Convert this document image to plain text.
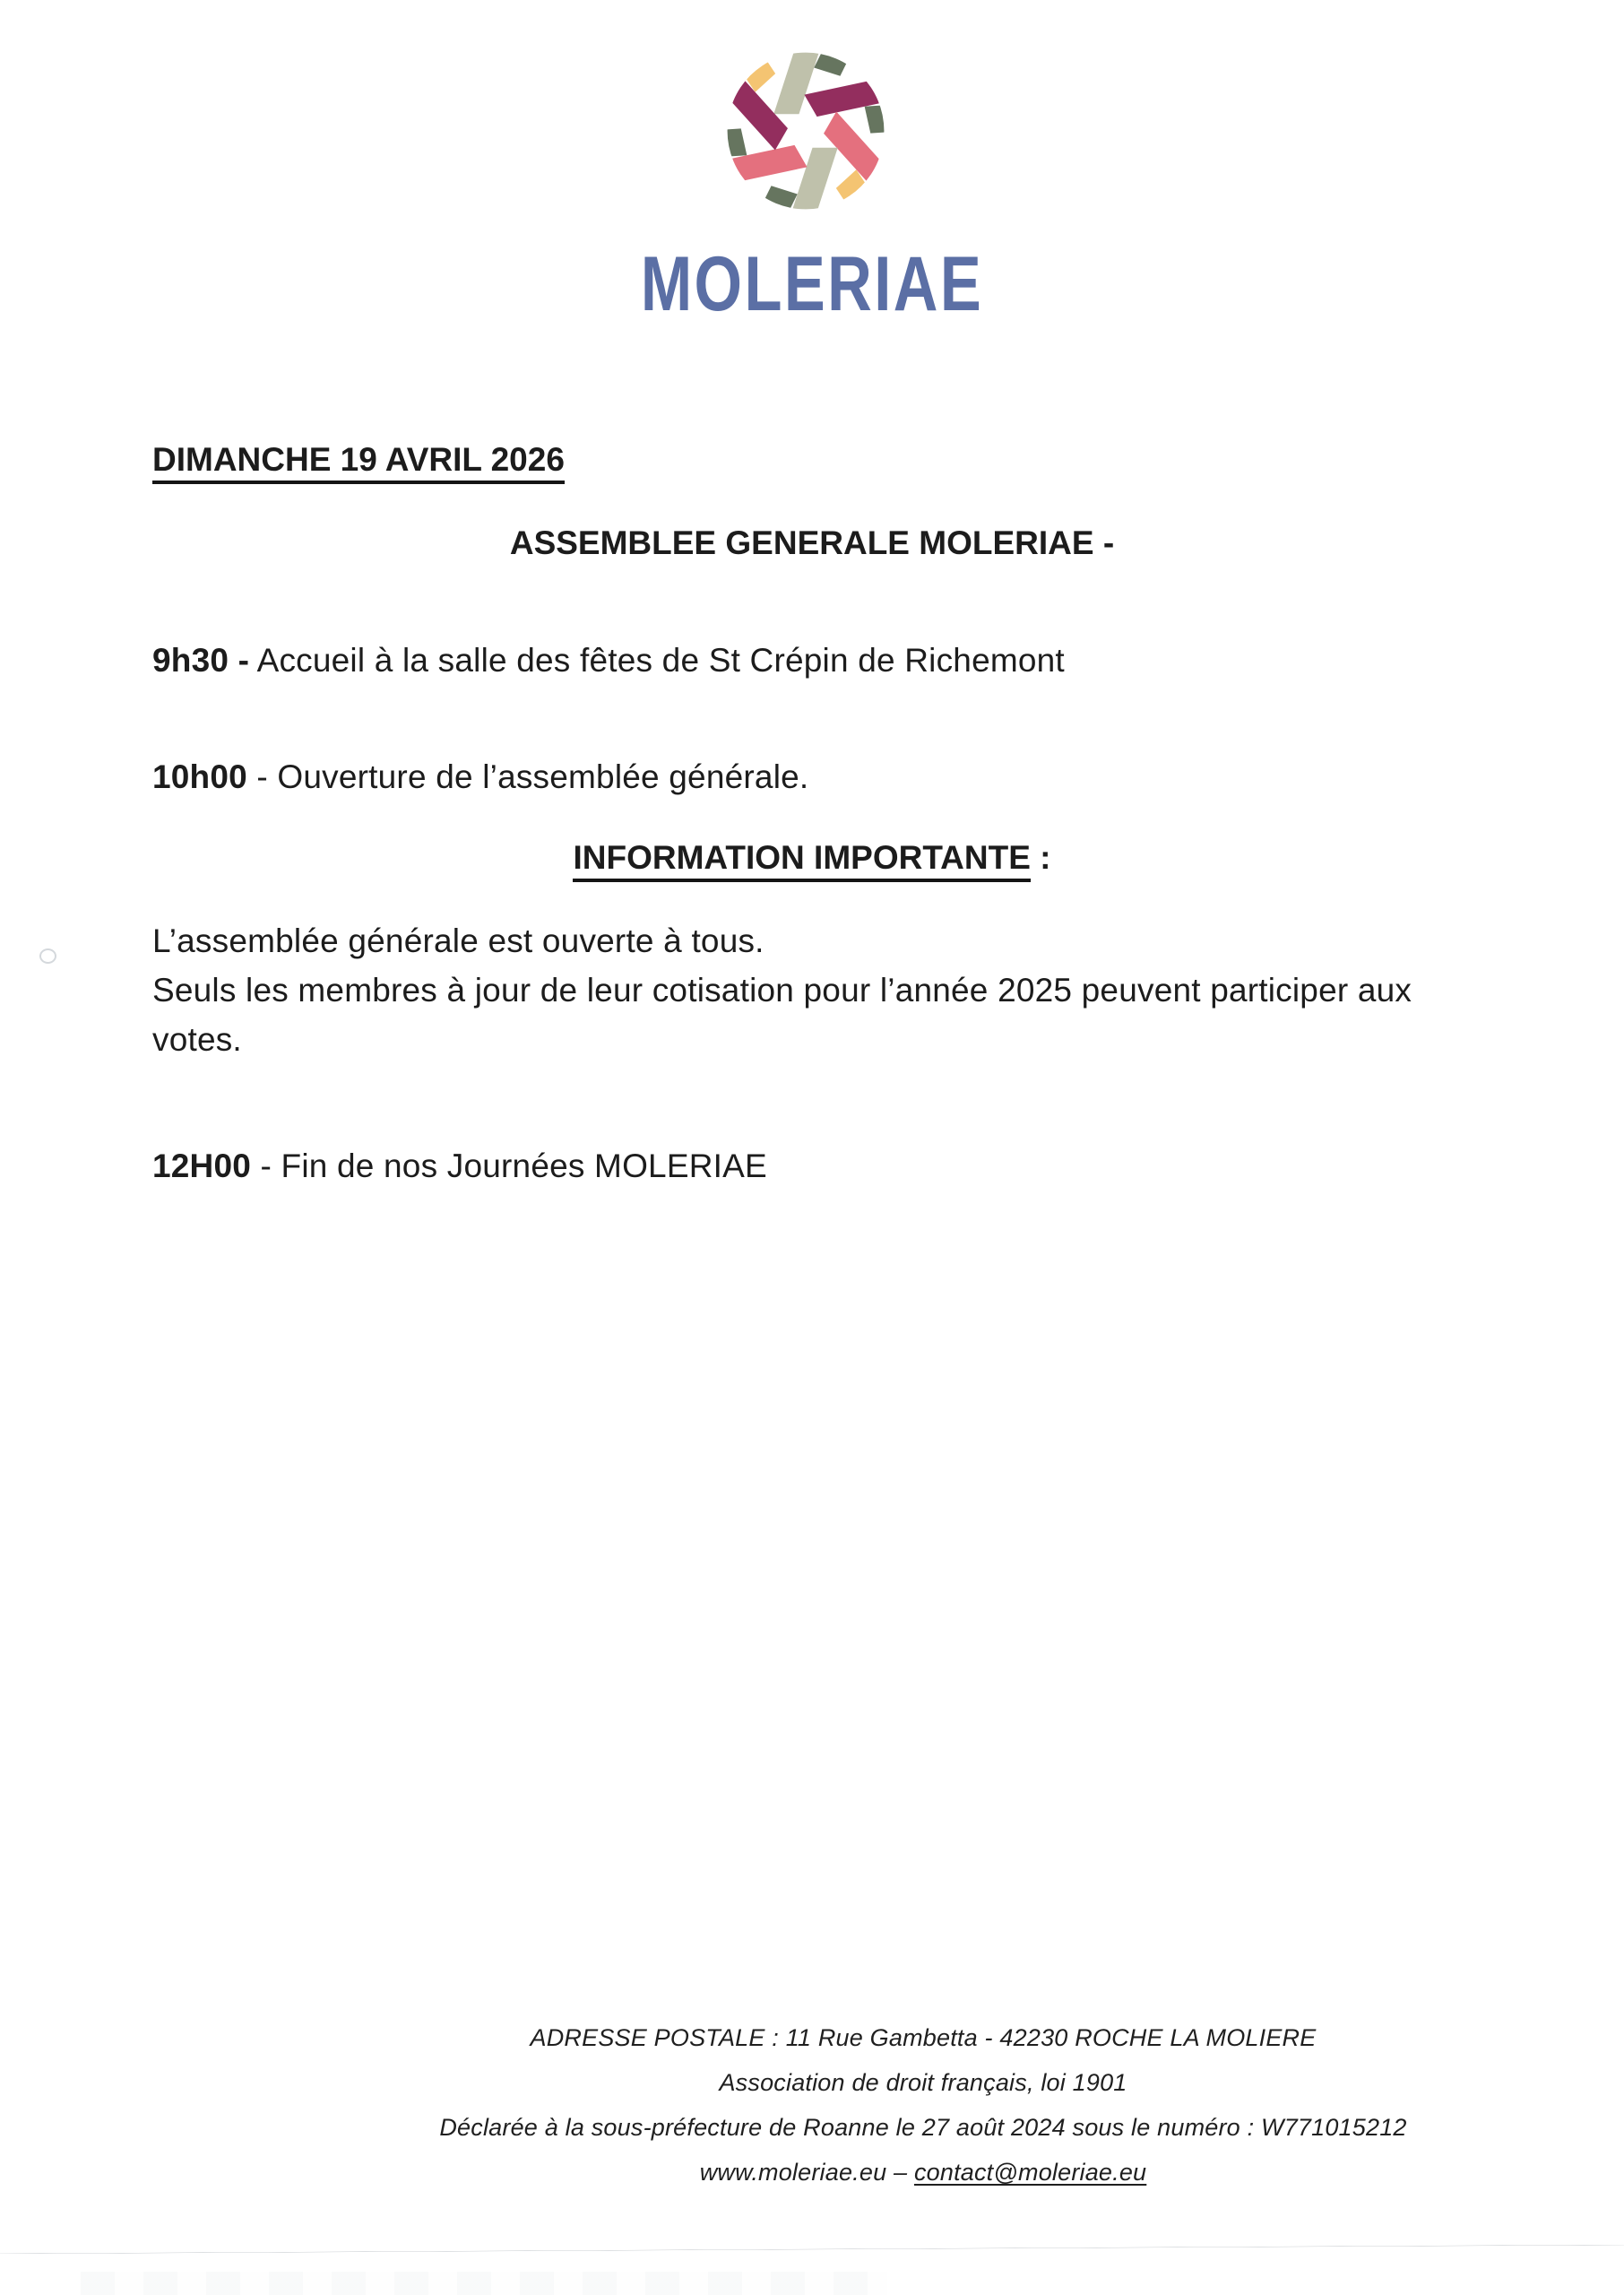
MOLERIAE
DIMANCHE 19 AVRIL 2026
ASSEMBLEE GENERALE MOLERIAE -
9h30 - Accueil à la salle des fêtes de St Crépin de Richemont
10h00 - Ouverture de l’assemblée générale.
INFORMATION IMPORTANTE :
L’assemblée générale est ouverte à tous.
Seuls les membres à jour de leur cotisation pour l’année 2025 peuvent participer aux
votes.
12H00 - Fin de nos Journées MOLERIAE
ADRESSE POSTALE : 11 Rue Gambetta - 42230 ROCHE LA MOLIERE
Association de droit français, loi 1901
Déclarée à la sous-préfecture de Roanne le 27 août 2024 sous le numéro : W771015212
www.moleriae.eu – contact@moleriae.eu
